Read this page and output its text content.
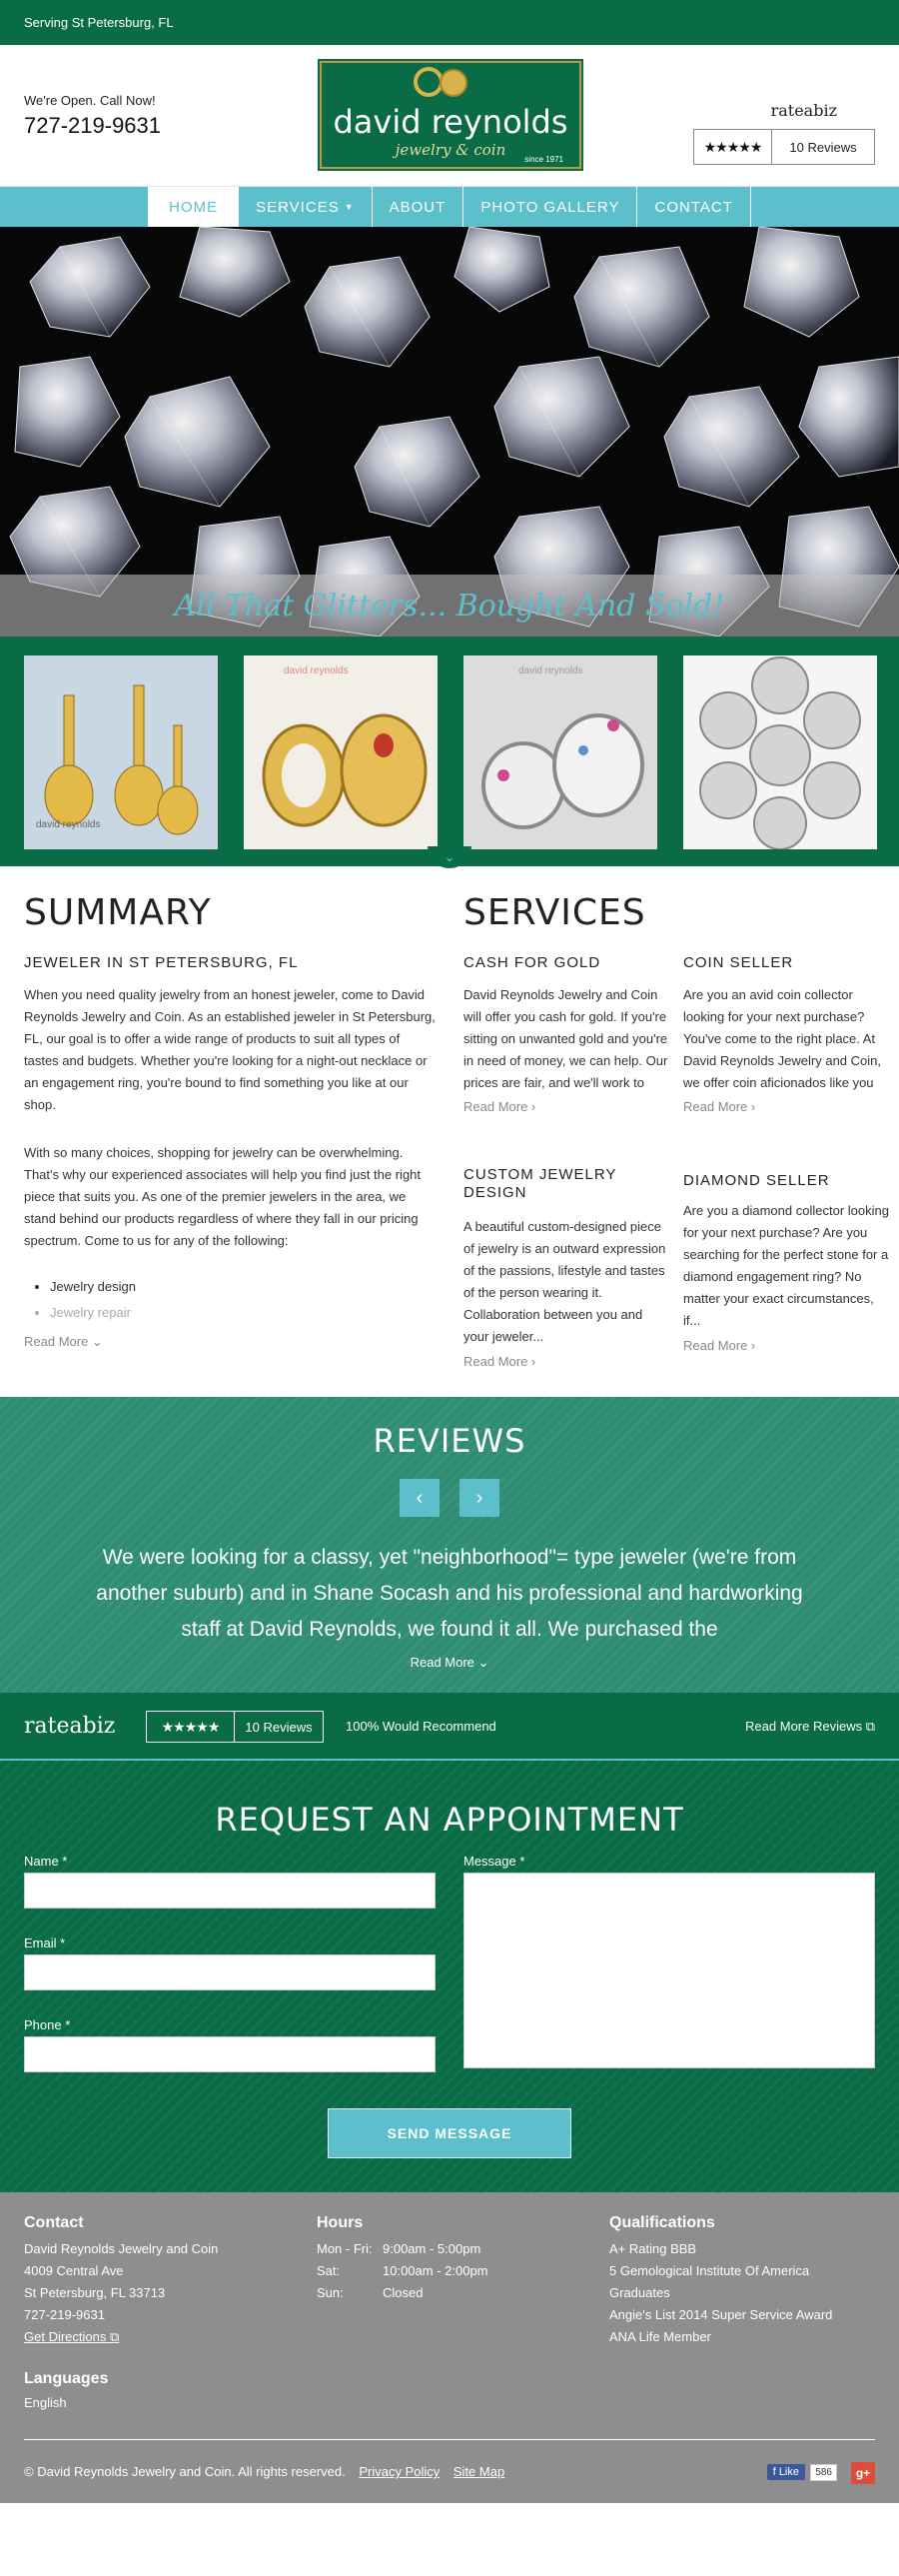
Serving St Petersburg, FL
We're Open. Call Now!
727-219-9631	david reynolds
jewelry & coin
since 1971
rateabiz
★★★★★	10 Reviews
HOME	SERVICES ▼	ABOUT	PHOTO GALLERY	CONTACT
All That Glitters... Bought And Sold!
david reynolds
david reynolds	david reynolds
⌄
SUMMARY
JEWELER IN ST PETERSBURG, FL

When you need quality jewelry from an honest jeweler, come to David Reynolds Jewelry and Coin. As an established jeweler in St Petersburg, FL, our goal is to offer a wide range of products to suit all types of tastes and budgets. Whether you're looking for a night-out necklace or an engagement ring, you're bound to find something you like at our shop.

With so many choices, shopping for jewelry can be overwhelming. That's why our experienced associates will help you find just the right piece that suits you. As one of the premier jewelers in the area, we stand behind our products regardless of where they fall in our pricing spectrum. Come to us for any of the following:

• Jewelry design
• Jewelry repair
Read More ⌄
SERVICES
CASH FOR GOLD

David Reynolds Jewelry and Coin will offer you cash for gold. If you're sitting on unwanted gold and you're in need of money, we can help. Our prices are fair, and we'll work to

Read More ›
COIN SELLER

Are you an avid coin collector looking for your next purchase? You've come to the right place. At David Reynolds Jewelry and Coin, we offer coin aficionados like you

Read More ›
CUSTOM JEWELRY DESIGN

A beautiful custom-designed piece of jewelry is an outward expression of the passions, lifestyle and tastes of the person wearing it. Collaboration between you and your jeweler...

Read More ›
DIAMOND SELLER

Are you a diamond collector looking for your next purchase? Are you searching for the perfect stone for a diamond engagement ring? No matter your exact circumstances, if...

Read More ›
REVIEWS
‹	›
We were looking for a classy, yet "neighborhood"= type jeweler (we're from another suburb) and in Shane Socash and his professional and hardworking staff at David Reynolds, we found it all. We purchased the
Read More ⌄
rateabiz	★★★★★	10 Reviews	100% Would Recommend	Read More Reviews ⧉
REQUEST AN APPOINTMENT
Name *
Email *
Phone *
Message *
SEND MESSAGE
Contact
David Reynolds Jewelry and Coin
4009 Central Ave
St Petersburg, FL 33713
727-219-9631
Get Directions ⧉
Hours
Mon - Fri: 9:00am - 5:00pm
Sat:	10:00am - 2:00pm
Sun:	Closed
Qualifications
A+ Rating BBB
5 Gemological Institute Of America
Graduates
Angie's List 2014 Super Service Award
ANA Life Member
Languages
English
© David Reynolds Jewelry and Coin. All rights reserved. Privacy Policy Site Map	f Like	586	g+
